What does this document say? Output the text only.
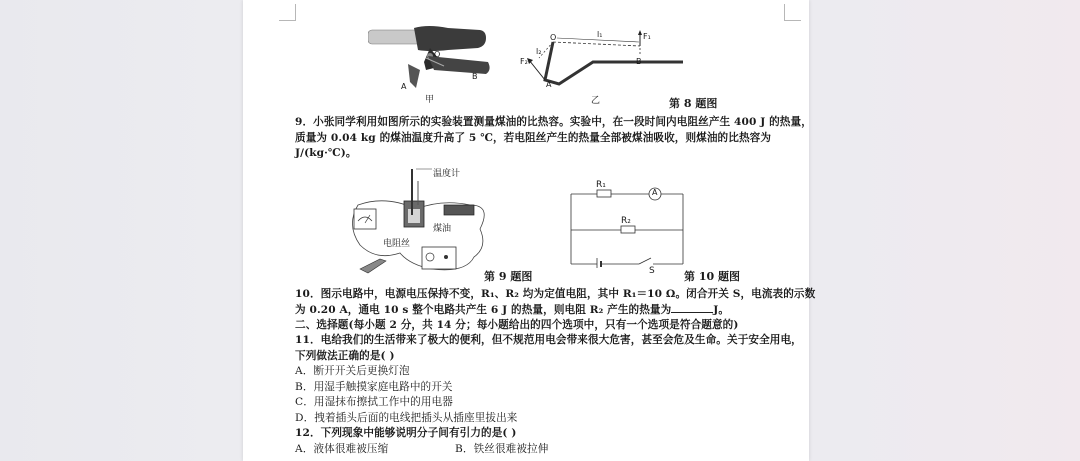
O
A
B
甲
O
A
B
l₁
l₂
F₁
F₂
乙	第 8 题图
9．小张同学利用如图所示的实验装置测量煤油的比热容。实验中，在一段时间内电阻丝产生 400 J 的热量，
质量为 0.04 kg 的煤油温度升高了 5 ℃，若电阻丝产生的热量全部被煤油吸收，则煤油的比热容为
J/(kg·℃)。
温度计
煤油
电阻丝
第 9 题图
R₁
A
R₂
S	第 10 题图
10．图示电路中，电源电压保持不变，R₁、R₂ 均为定值电阻，其中 R₁＝10 Ω。闭合开关 S，电流表的示数
为 0.20 A，通电 10 s 整个电路共产生 6 J 的热量，则电阻 R₂ 产生的热量为	J。
二、选择题(每小题 2 分，共 14 分；每小题给出的四个选项中，只有一个选项是符合题意的)
11．电给我们的生活带来了极大的便利，但不规范用电会带来很大危害，甚至会危及生命。关于安全用电，
下列做法正确的是( )
A．断开开关后更换灯泡
B．用湿手触摸家庭电路中的开关
C．用湿抹布擦拭工作中的用电器
D．拽着插头后面的电线把插头从插座里拔出来
12．下列现象中能够说明分子间有引力的是( )
A．液体很难被压缩	B．铁丝很难被拉伸
